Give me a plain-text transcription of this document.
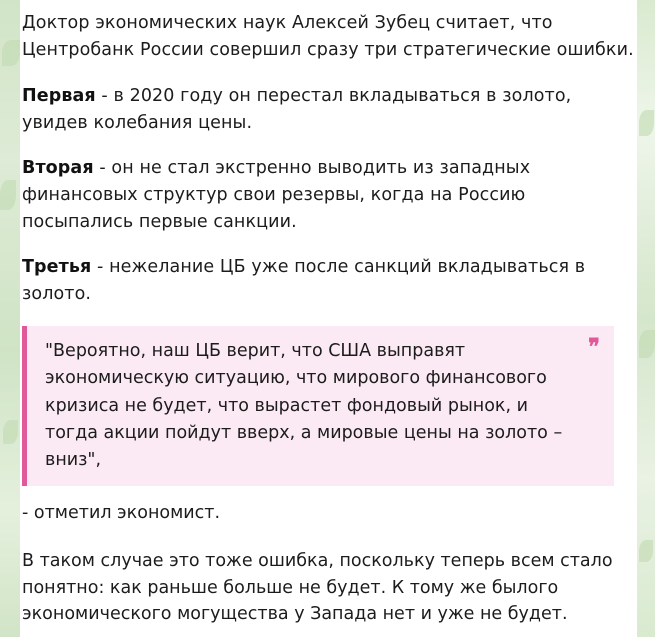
Доктор экономических наук Алексей Зубец считает, что Центробанк России совершил сразу три стратегические ошибки.

Первая - в 2020 году он перестал вкладываться в золото, увидев колебания цены.

Вторая - он не стал экстренно выводить из западных финансовых структур свои резервы, когда на Россию посыпались первые санкции.

Третья - нежелание ЦБ уже после санкций вкладываться в золото.

❞

"Вероятно, наш ЦБ верит, что США выправят экономическую ситуацию, что мирового финансового кризиса не будет, что вырастет фондовый рынок, и тогда акции пойдут вверх, а мировые цены на золото – вниз",

- отметил экономист.

В таком случае это тоже ошибка, поскольку теперь всем стало понятно: как раньше больше не будет. К тому же былого экономического могущества у Запада нет и уже не будет.
